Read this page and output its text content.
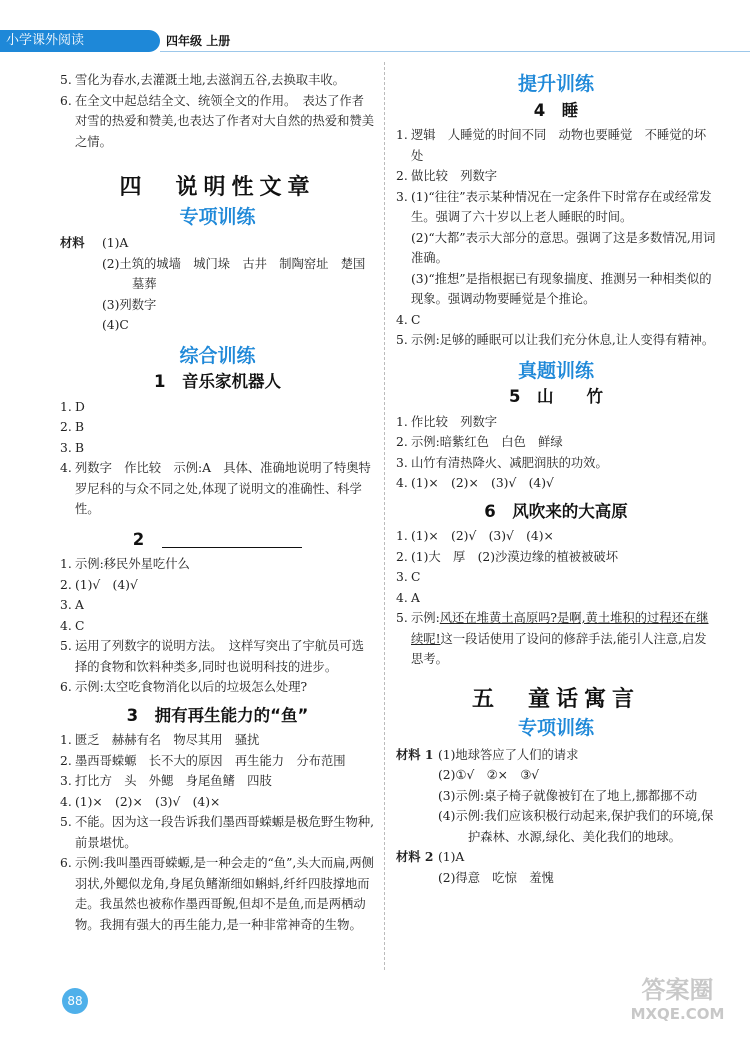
小学课外阅读	四年级 上册
5. 雪化为春水,去灌溉土地,去滋润五谷,去换取丰收。
6. 在全文中起总结全文、统领全文的作用。　表达了作者对雪的热爱和赞美,也表达了作者对大自然的热爱和赞美之情。
四　说明性文章
专项训练
材料 (1)A
(2)土筑的城墙　城门垛　古井　制陶窑址　楚国墓葬
(3)列数字
(4)C
综合训练
1　音乐家机器人
1. D
2. B
3. B
4. 列数字　作比较　示例:A　具体、准确地说明了特奥特罗尼科的与众不同之处,体现了说明文的准确性、科学性。
2
1. 示例:移民外星吃什么
2. (1)√　(4)√
3. A
4. C
5. 运用了列数字的说明方法。　这样写突出了宇航员可选择的食物和饮料种类多,同时也说明科技的进步。
6. 示例:太空吃食物消化以后的垃圾怎么处理?
3　拥有再生能力的“鱼”
1. 匮乏　赫赫有名　物尽其用　骚扰
2. 墨西哥蝾螈　长不大的原因　再生能力　分布范围
3. 打比方　头　外鳃　身尾鱼鳍　四肢
4. (1)×　(2)×　(3)√　(4)×
5. 不能。因为这一段告诉我们墨西哥蝾螈是极危野生物种,前景堪忧。
6. 示例:我叫墨西哥蝾螈,是一种会走的“鱼”,头大而扁,两侧羽状,外鳃似龙角,身尾负鳍渐细如蝌蚪,纤纤四肢撑地而走。我虽然也被称作墨西哥鲵,但却不是鱼,而是两栖动物。我拥有强大的再生能力,是一种非常神奇的生物。
提升训练
4　睡
1. 逻辑　人睡觉的时间不同　动物也要睡觉　不睡觉的坏处
2. 做比较　列数字
3. (1)“往往”表示某种情况在一定条件下时常存在或经常发生。强调了六十岁以上老人睡眠的时间。
(2)“大都”表示大部分的意思。强调了这是多数情况,用词准确。
(3)“推想”是指根据已有现象揣度、推测另一种相类似的现象。强调动物要睡觉是个推论。
4. C
5. 示例:足够的睡眠可以让我们充分休息,让人变得有精神。
真题训练
5　山　　竹
1. 作比较　列数字
2. 示例:暗紫红色　白色　鲜绿
3. 山竹有清热降火、减肥润肤的功效。
4. (1)×　(2)×　(3)√　(4)√
6　风吹来的大高原
1. (1)×　(2)√　(3)√　(4)×
2. (1)大　厚　(2)沙漠边缘的植被被破坏
3. C
4. A
5. 示例:风还在堆黄土高原吗?是啊,黄土堆积的过程还在继续呢!这一段话使用了设问的修辞手法,能引人注意,启发思考。
五　童话寓言
专项训练
材料 1 (1)地球答应了人们的请求
(2)①√　②×　③√
(3)示例:桌子椅子就像被钉在了地上,挪都挪不动
(4)示例:我们应该积极行动起来,保护我们的环境,保护森林、水源,绿化、美化我们的地球。
材料 2 (1)A
(2)得意　吃惊　羞愧
88	答案圈
MXQE.COM
